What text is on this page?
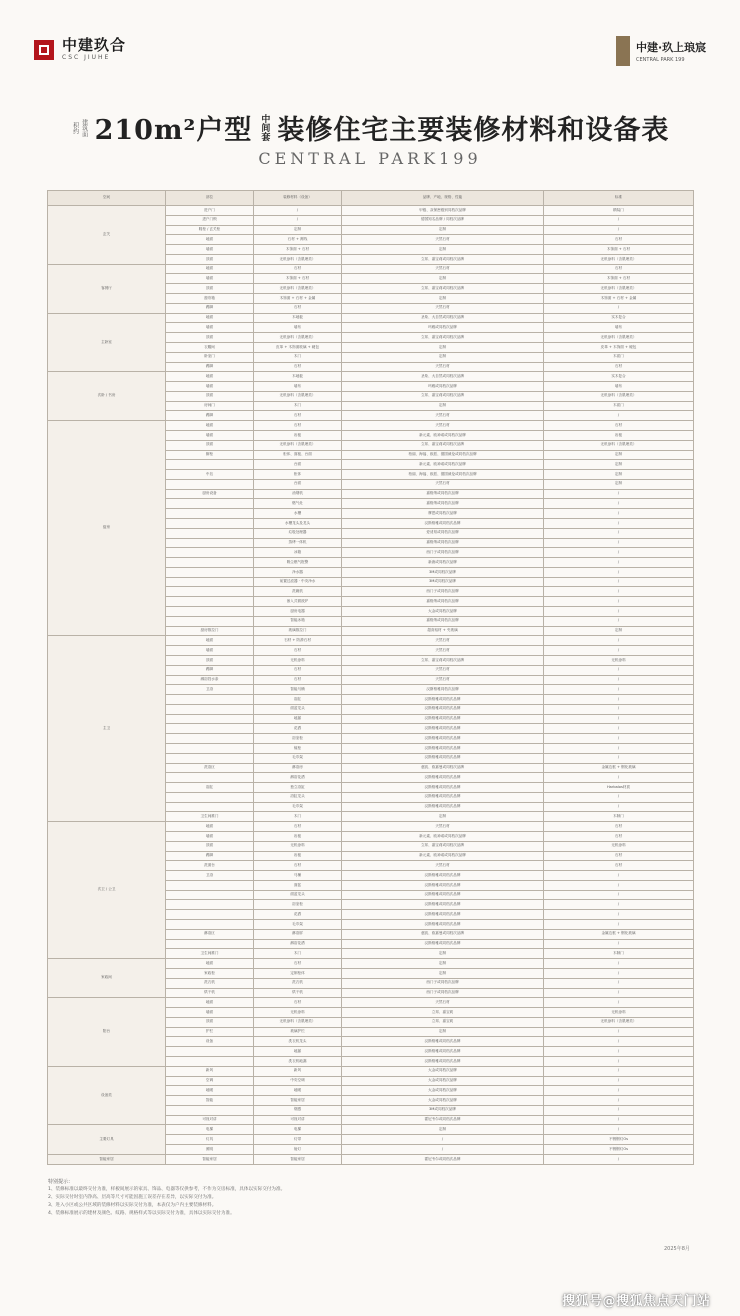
中建玖合
CSC JIUHE
中建·玖上琅宸
CENTRAL PARK 199
建筑面积约 210m²户型 中间套 装修住宅主要装修材料和设备表
CENTRAL PARK199
空间	部位	装修材料（设备）	品牌、产地、规格、性能	标准
玄关	进户门	/	甲级、双保密级别同档次品牌	精装门
	进户门锁	/	德国知名品牌 / 同档次品牌	/
	鞋柜 / 玄关柜	定制	定制	/
	地面	石材 + 踢线	天然石材	石材
	墙面	木饰面 + 石材	定制	木饰面 + 石材
	顶面	无机涂料（含肌理类）	立邦、嘉宝莉或同档次品牌	无机涂料（含肌理类）
客餐厅	地面	石材	天然石材	石材
	墙面	木饰面 + 石材	定制	木饰面 + 石材
	顶面	无机涂料（含肌理类）	立邦、嘉宝莉或同档次品牌	无机涂料（含肌理类）
	窗帘箱	木饰面 + 石材 + 金属	定制	木饰面 + 石材 + 金属
	踢脚	石材	天然石材	/
主卧室	地面	木地板	圣象、大自然或同档次品牌	实木复合
	墙面	墙布	玛雅或同档次品牌	墙布
	顶面	无机涂料（含肌理类）	立邦、嘉宝莉或同档次品牌	无机涂料（含肌理类）
	衣帽间	皮革 + 木饰面玻璃 + 硬包	定制	皮革 + 木饰面 + 硬包
	卧室门	木门	定制	木质门
	踢脚	石材	天然石材	石材
次卧 / 书房	地面	木地板	圣象、大自然或同档次品牌	实木复合
	墙面	墙布	玛雅或同档次品牌	墙布
	顶面	无机涂料（含肌理类）	立邦、嘉宝莉或同档次品牌	无机涂料（含肌理类）
	房间门	木门	定制	木质门
	踢脚	石材	天然石材	/
厨房	地面	石材	天然石材	石材
	墙面	岩板	新元素、欧神诺或同档次品牌	岩板
	顶面	无机涂料（含肌理类）	立邦、嘉宝莉或同档次品牌	无机涂料（含肌理类）
	橱柜	柜体、面板、台面	柏丽、海福、欧派、德国威伦或同档次品牌	定制
		台面	新元素、欧神诺或同档次品牌	定制
	中岛	柜体	柏丽、海福、欧派、德国威伦或同档次品牌	定制
		台面	天然石材	定制
	厨房设备	油烟机	嘉格纳或同档次品牌	/
		燃气灶	嘉格纳或同档次品牌	/
		水槽	摩恩或同档次品牌	/
		水槽龙头及龙头	汉斯格雅或同档次品牌	/
		垃圾处理器	爱适易或同档次品牌	/
		蒸烤一体机	嘉格纳或同档次品牌	/
		冰箱	西门子或同档次品牌	/
		吸尘燃气报警	新唐或同档次品牌	/
		净水器	3M或同档次品牌	/
		前置过滤器 · 中央净水	3M或同档次品牌	/
		洗碗机	西门子或同档次品牌	/
		嵌入式微波炉	嘉格纳或同档次品牌	/
		厨房电器	大金或同档次品牌	/
		智能冰箱	嘉格纳或同档次品牌	/
	厨房推拉门	玻璃推拉门	超高铝材 + 夹玻璃	定制
主卫	地面	石材 + 防滑石材	天然石材	/
	墙面	石材	天然石材	/
	顶面	无机涂料	立邦、嘉宝莉或同档次品牌	无机涂料
	踢脚	石材	天然石材	/
	淋浴挡水条	石材	天然石材	/
	卫浴	智能马桶	汉斯格雅同档次品牌	/
		浴缸	汉斯格雅或同档次品牌	/
		面盆龙头	汉斯格雅或同档次品牌	/
		地漏	汉斯格雅或同档次品牌	/
		花洒	汉斯格雅或同档次品牌	/
		浴室柜	汉斯格雅或同档次品牌	/
		镜柜	汉斯格雅或同档次品牌	/
		毛巾架	汉斯格雅或同档次品牌	/
	洗浴区	淋浴房	意凯、欧嘉曼或同档次品牌	金属边框 + 钢化玻璃
		淋浴花洒	汉斯格雅或同档次品牌	/
	浴缸	独立浴缸	汉斯格雅或同档次品牌	Harbalos材质
		浴缸龙头	汉斯格雅或同档次品牌	/
		毛巾架	汉斯格雅或同档次品牌	/
	卫生间推门	木门	定制	木制门
次卫 / 公卫	地面	石材	天然石材	石材
	墙面	岩板	新元素、欧神诺或同档次品牌	石材
	顶面	无机涂料	立邦、嘉宝莉或同档次品牌	无机涂料
	踢脚	岩板	新元素、欧神诺或同档次品牌	石材
	洗面台	石材	天然石材	石材
	卫浴	马桶	汉斯格雅或同档次品牌	/
		面盆	汉斯格雅或同档次品牌	/
		面盆龙头	汉斯格雅或同档次品牌	/
		浴室柜	汉斯格雅或同档次品牌	/
		花洒	汉斯格雅或同档次品牌	/
		毛巾架	汉斯格雅或同档次品牌	/
	淋浴区	淋浴屏	意凯、欧嘉曼或同档次品牌	金属边框 + 钢化玻璃
		淋浴花洒	汉斯格雅或同档次品牌	/
	卫生间推门	木门	定制	木制门
家政间	地面	石材	定制	/
	家政柜	定制柜体	定制	/
	洗衣机	洗衣机	西门子或同档次品牌	/
	烘干机	烘干机	西门子或同档次品牌	/
阳台	地面	石材	天然石材	/
	墙面	无机涂料	立邦、嘉宝莉	无机涂料
	顶面	无机涂料（含肌理类）	立邦、嘉宝莉	无机涂料（含肌理类）
	护栏	玻璃护栏	定制	/
	设备	洗衣机龙头	汉斯格雅或同档次品牌	/
		地漏	汉斯格雅或同档次品牌	/
		洗衣机地漏	汉斯格雅或同档次品牌	/
设备类	新风	新风	大金或同档次品牌	/
	空调	中央空调	大金或同档次品牌	/
	地暖	地暖	大金或同档次品牌	/
	智能	智能家居	大金或同档次品牌	/
		烟感	3M或同档次品牌	/
	可视对讲	可视对讲	霍尼韦尔或同档次品牌	/
主要灯具	电梯	电梯	定制	/
	灯具	灯带	/	不锈钢灯Os
	照明	射灯	/	不锈钢灯Os
智能家居	智能家居	智能家居	霍尼韦尔或同档次品牌	/
特别提示：
1、装修标准以最终交付为准，样板间展示的家具、饰品、电器等仅供参考，不作为交房标准，具体以实际交付为准。
2、实际交付时室内净高、层高等尺寸可能因施工误差存在差异，以实际交付为准。
3、进入小区或公共区域的装修材料以实际交付为准，本表仅为户内主要装修材料。
4、装修标准展示的建材及颜色、纹路、规格样式等以实际交付为准，具体以实际交付为准。
2025年8月
搜狐号@搜狐焦点天门站
